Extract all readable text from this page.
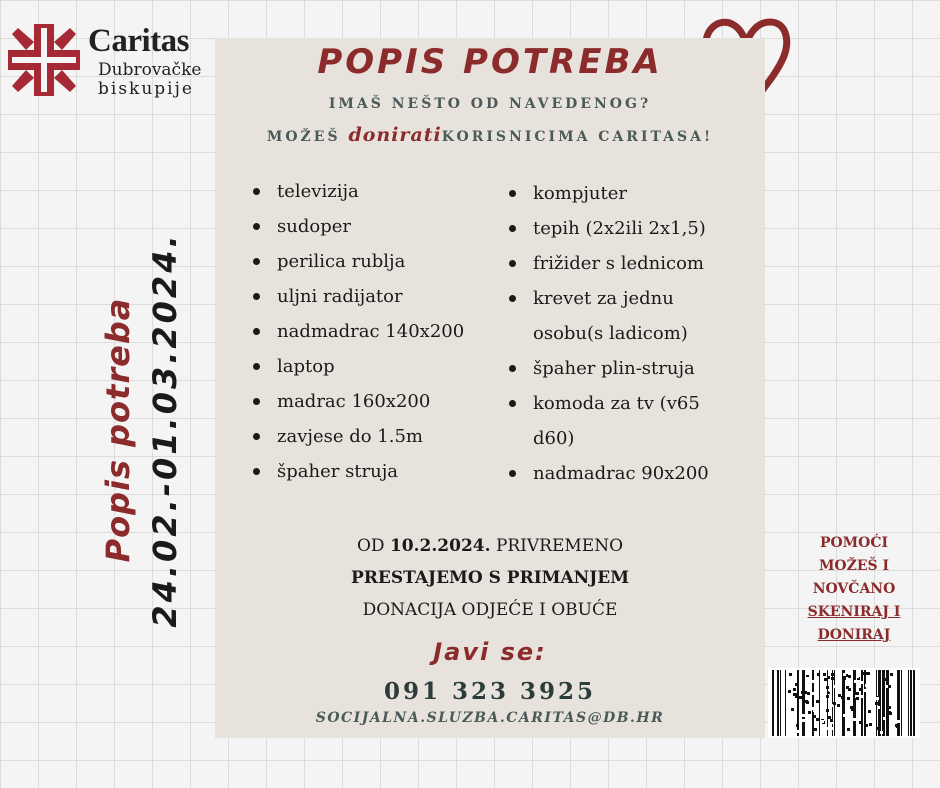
Caritas
Dubrovačke
biskupije
POPIS POTREBA
IMAŠ NEŠTO OD NAVEDENOG?
MOŽEŠ doniratiKORISNICIMA CARITASA!
televizija
sudoper
perilica rublja
uljni radijator
nadmadrac 140x200
laptop
madrac 160x200
zavjese do 1.5m
špaher struja
kompjuter
tepih (2x2ili 2x1,5)
frižider s lednicom
krevet za jednu osobu(s ladicom)
špaher plin-struja
komoda za tv (v65 d60)
nadmadrac 90x200
OD 10.2.2024. PRIVREMENO
PRESTAJEMO S PRIMANJEM
DONACIJA ODJEĆE I OBUĆE
Javi se:
091 323 3925
SOCIJALNA.SLUZBA.CARITAS@DB.HR
Popis potreba 24.02.-01.03.2024.	POMOĆI
MOŽEŠ I
NOVČANO
SKENIRAJ I
DONIRAJ
